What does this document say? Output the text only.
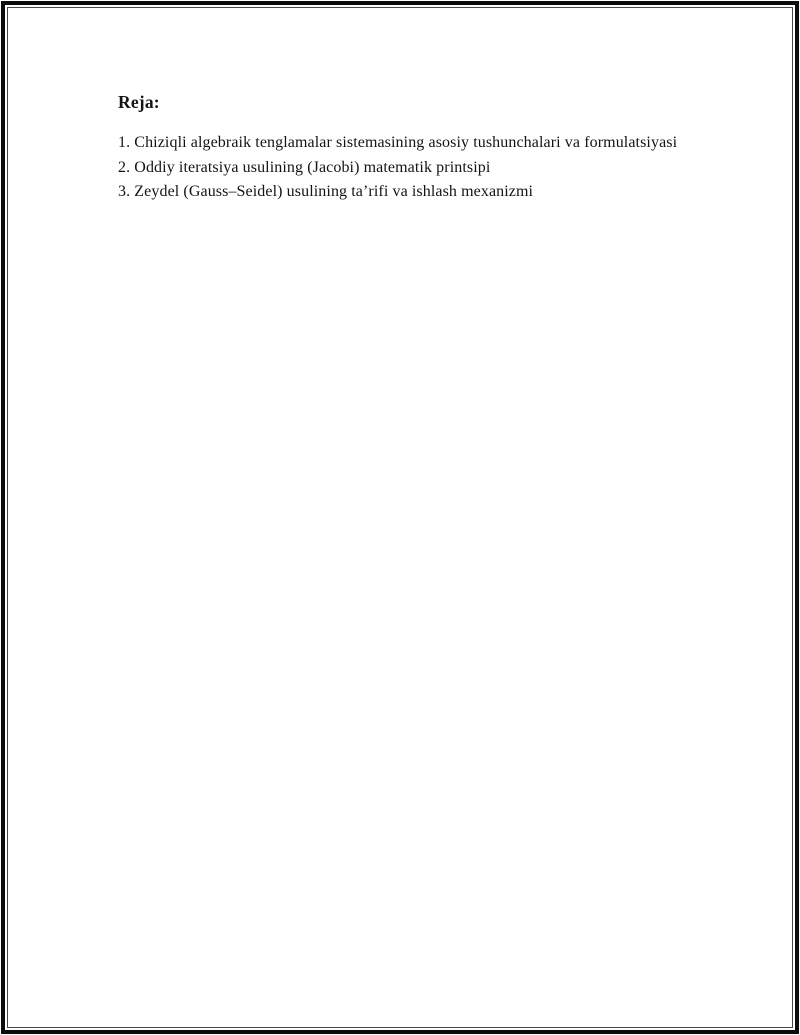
Reja:

1. Chiziqli algebraik tenglamalar sistemasining asosiy tushunchalari va formulatsiyasi

2. Oddiy iteratsiya usulining (Jacobi) matematik printsipi

3. Zeydel (Gauss–Seidel) usulining ta’rifi va ishlash mexanizmi
